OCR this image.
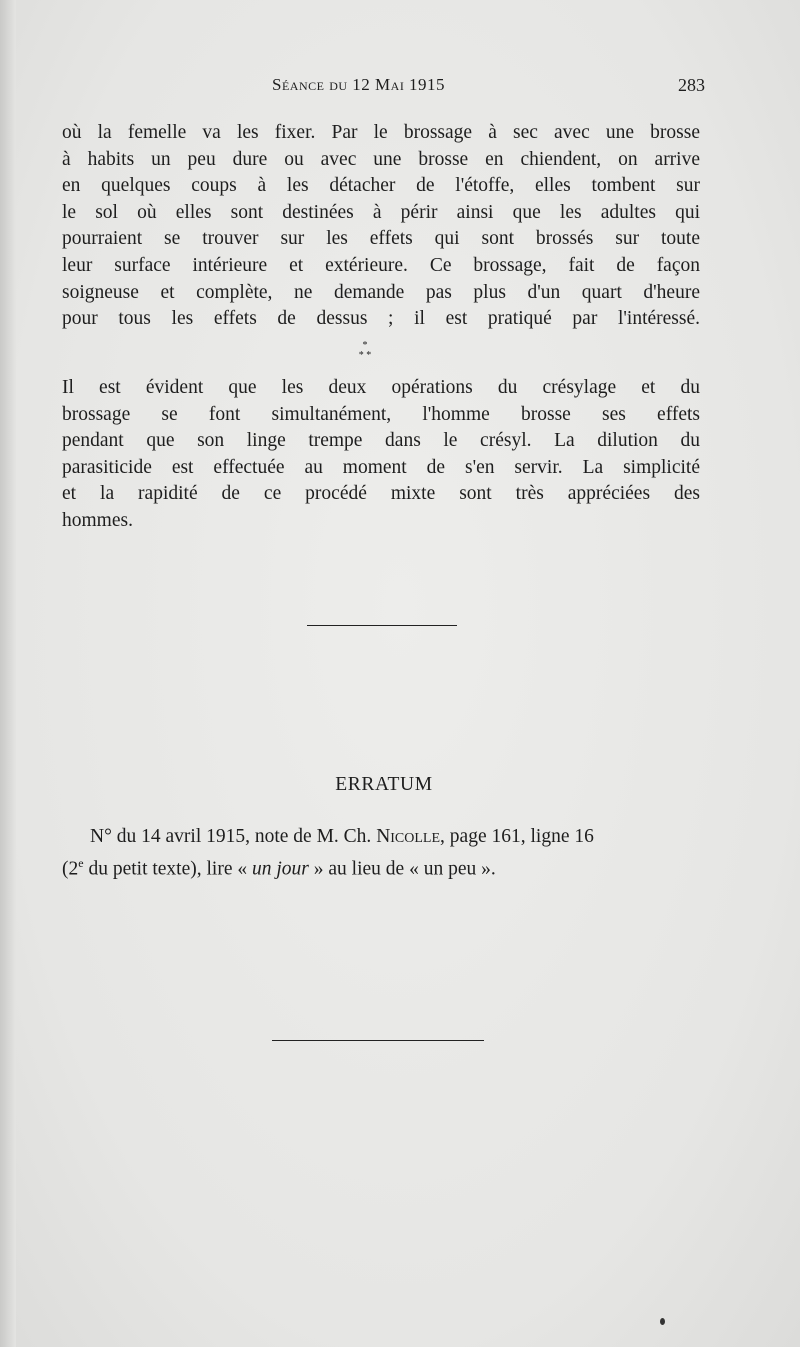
Séance du 12 Mai 1915	283
où la femelle va les fixer. Par le brossage à sec avec une brosse
à habits un peu dure ou avec une brosse en chiendent, on arrive
en quelques coups à les détacher de l'étoffe, elles tombent sur
le sol où elles sont destinées à périr ainsi que les adultes qui
pourraient se trouver sur les effets qui sont brossés sur toute
leur surface intérieure et extérieure. Ce brossage, fait de façon
soigneuse et complète, ne demande pas plus d'un quart d'heure
pour tous les effets de dessus ; il est pratiqué par l'intéressé.
*
* *
Il est évident que les deux opérations du crésylage et du
brossage se font simultanément, l'homme brosse ses effets
pendant que son linge trempe dans le crésyl. La dilution du
parasiticide est effectuée au moment de s'en servir. La simplicité
et la rapidité de ce procédé mixte sont très appréciées des
hommes.
ERRATUM
N° du 14 avril 1915, note de M. Ch. Nicolle, page 161, ligne 16
(2e du petit texte), lire « un jour » au lieu de « un peu ».
